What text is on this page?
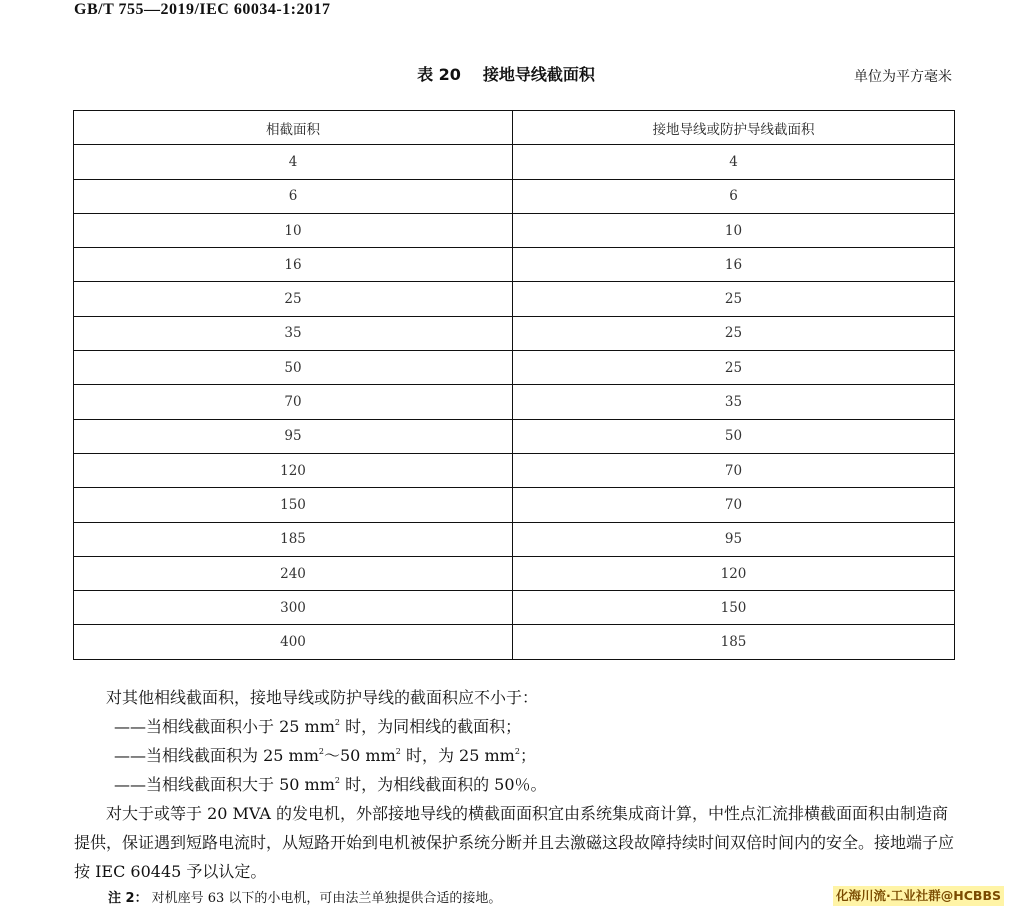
GB/T 755—2019/IEC 60034-1:2017
表 20 接地导线截面积	单位为平方毫米
相截面积	接地导线或防护导线截面积
4	4
6	6
10	10
16	16
25	25
35	25
50	25
70	35
95	50
120	70
150	70
185	95
240	120
300	150
400	185

对其他相线截面积，接地导线或防护导线的截面积应不小于：

——当相线截面积小于 25 $mm^2$ 时，为同相线的截面积；

——当相线截面积为 25 $mm^2\sim 50$ $mm^2$ 时，为 25 $mm^2$；

——当相线截面积大于 50 $mm^2$ 时，为相线截面积的 50％。

对大于或等于 20 MVA 的发电机，外部接地导线的横截面面积宜由系统集成商计算，中性点汇流排横截面面积由制造商提供，保证遇到短路电流时，从短路开始到电机被保护系统分断并且去激磁这段故障持续时间双倍时间内的安全。接地端子应按 IEC 60445 予以认定。

注 2： 对机座号 63 以下的小电机，可由法兰单独提供合适的接地。	化海川流·工业社群@HCBBS
